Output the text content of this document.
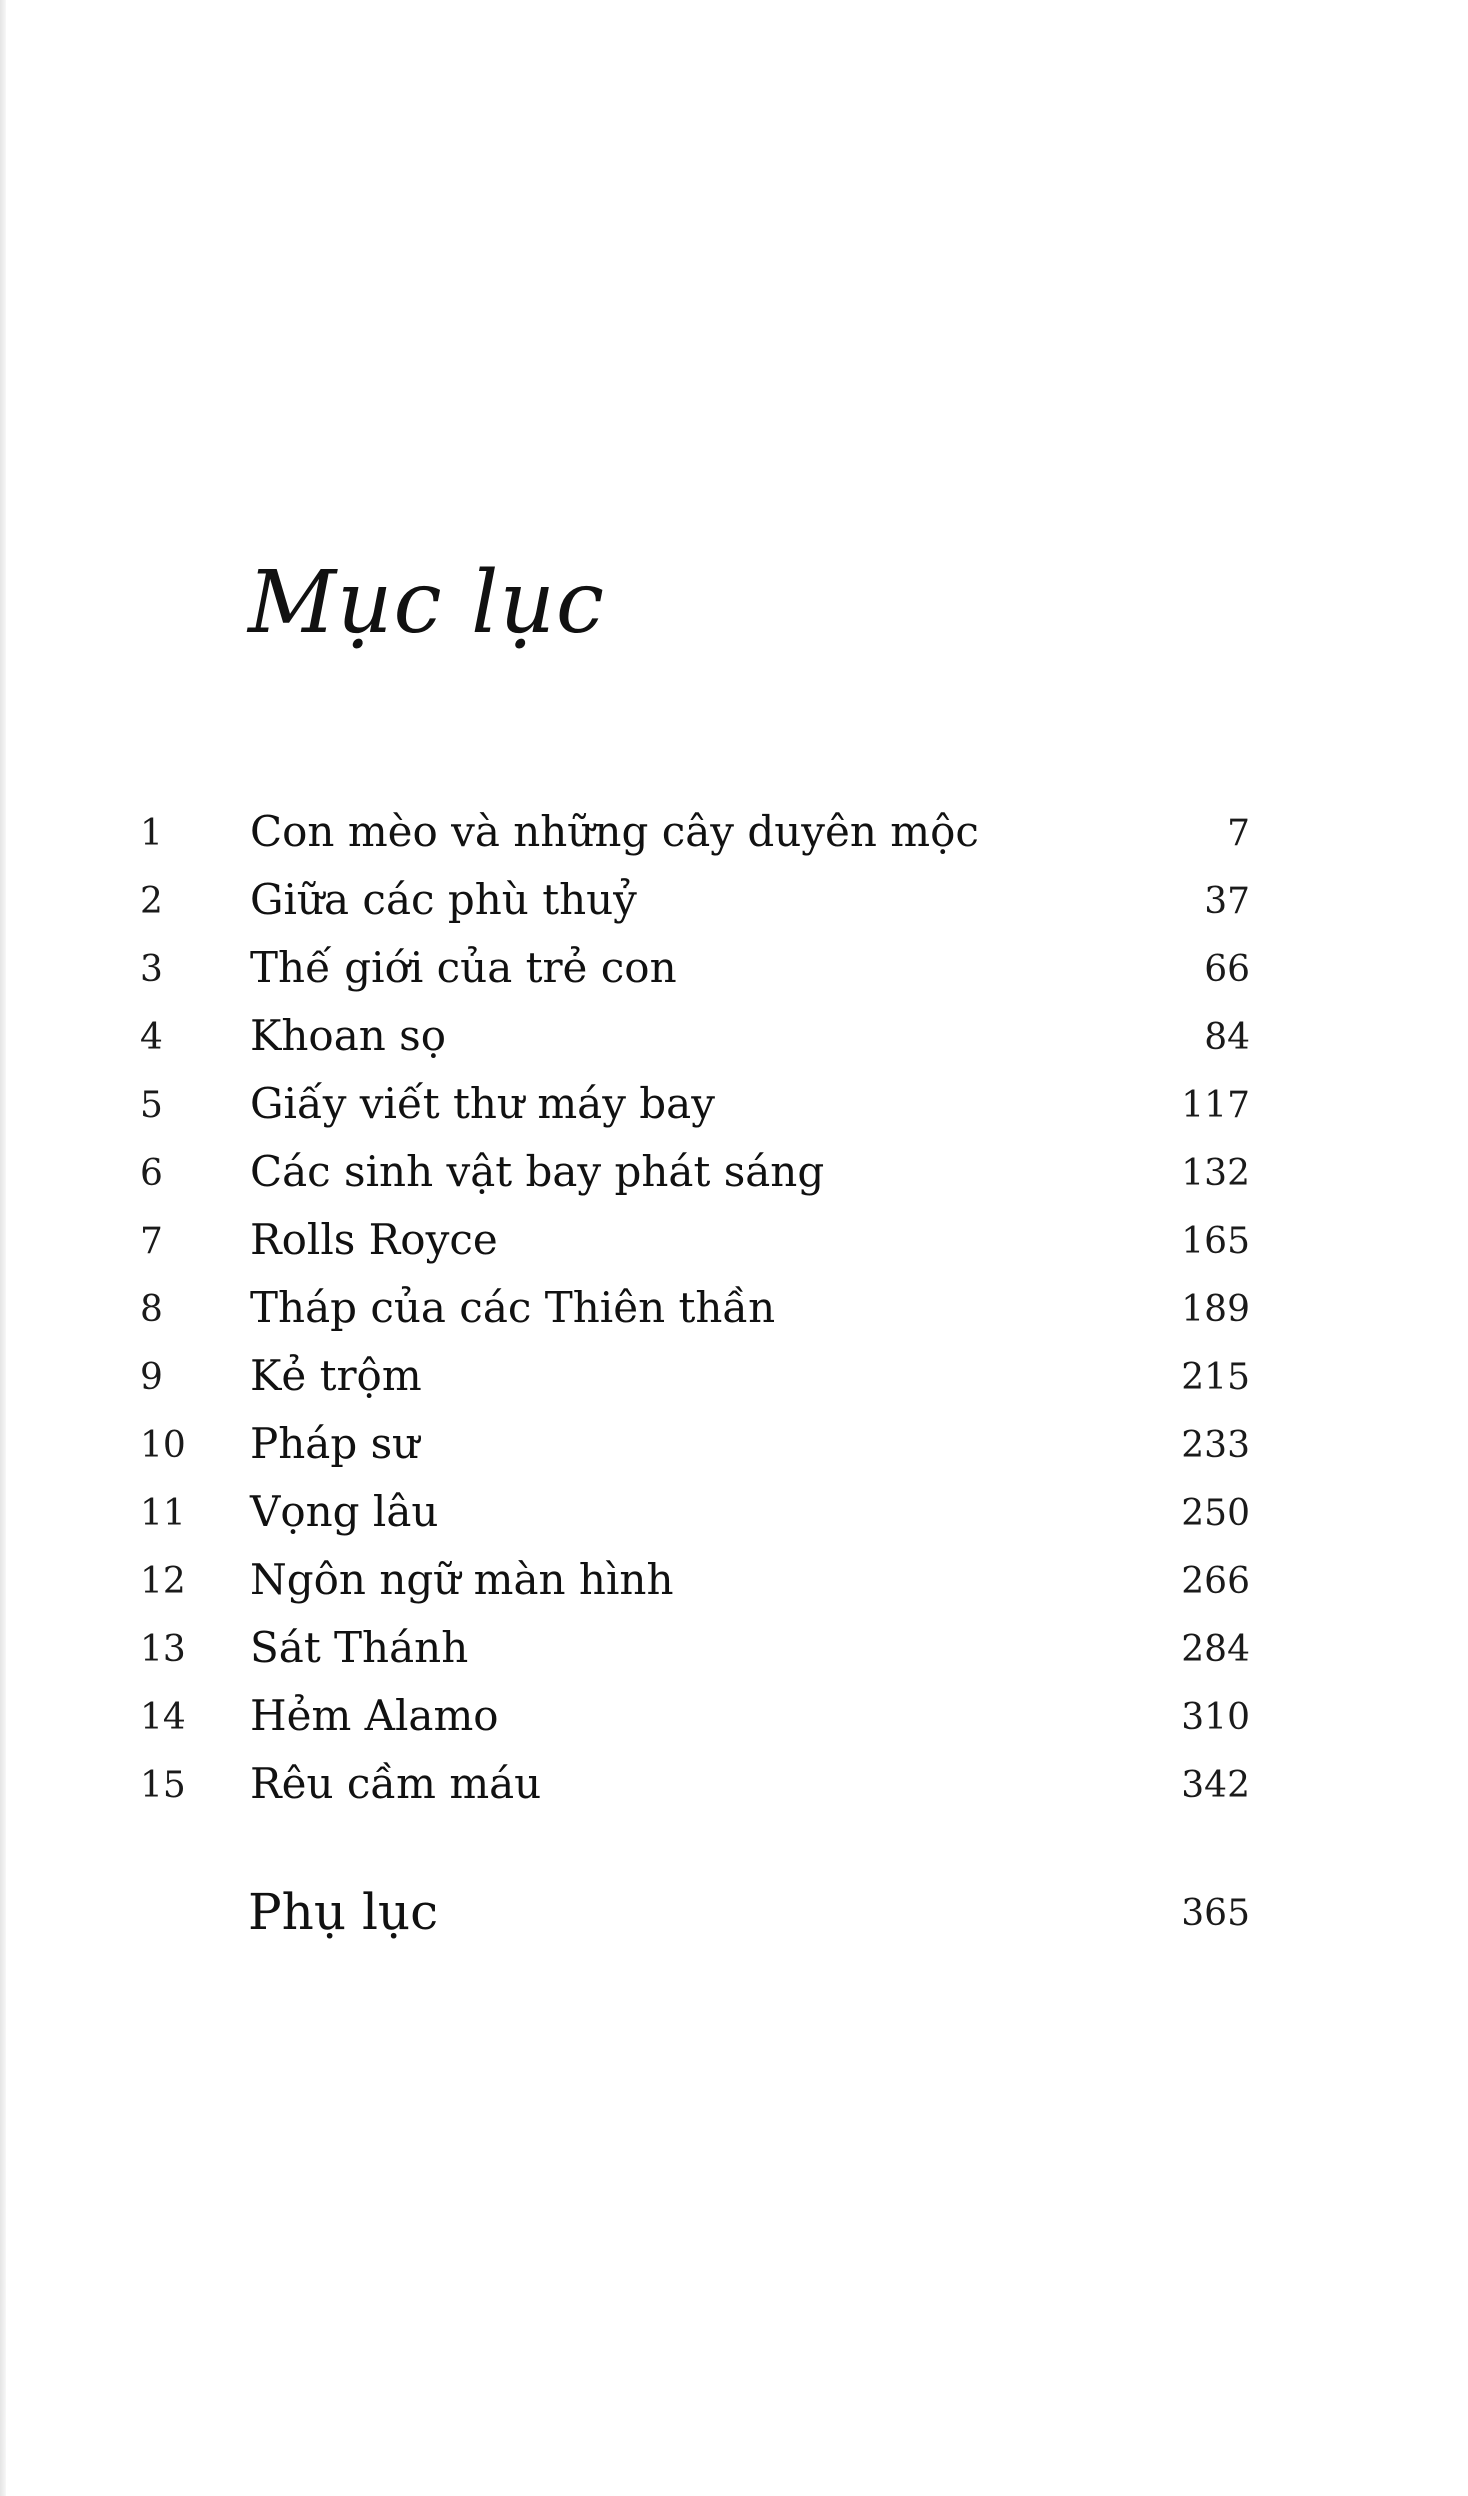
Mục lục
1 Con mèo và những cây duyên mộc	7
2 Giữa các phù thuỷ	37
3 Thế giới của trẻ con	66
4 Khoan sọ	84
5 Giấy viết thư máy bay	117
6 Các sinh vật bay phát sáng	132
7 Rolls Royce	165
8 Tháp của các Thiên thần	189
9 Kẻ trộm	215
10 Pháp sư	233
11 Vọng lâu	250
12 Ngôn ngữ màn hình	266
13 Sát Thánh	284
14 Hẻm Alamo	310
15 Rêu cầm máu	342
Phụ lục	365
